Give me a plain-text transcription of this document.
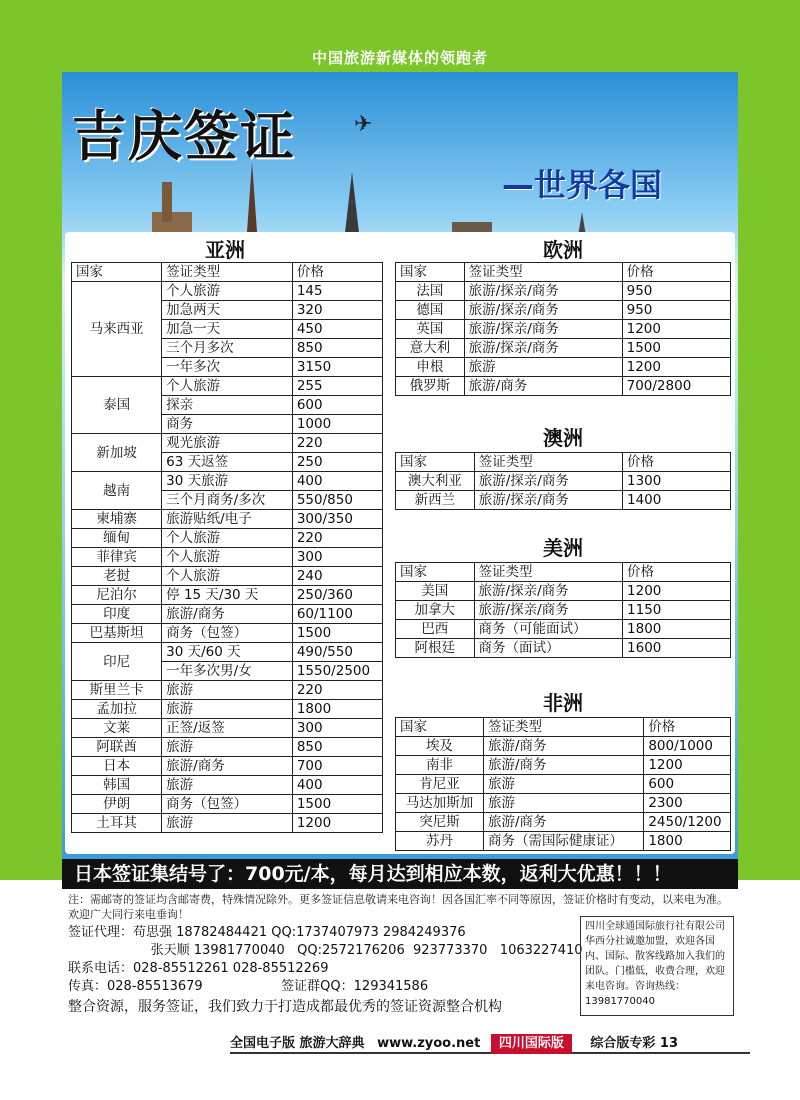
中国旅游新媒体的领跑者
吉庆签证	✈
—世界各国
亚洲
国家	签证类型	价格
马来西亚	个人旅游	145
	加急两天	320
	加急一天	450
	三个月多次	850
	一年多次	3150
泰国	个人旅游	255
	探亲	600
	商务	1000
新加坡	观光旅游	220
	63 天返签	250
越南	30 天旅游	400
	三个月商务/多次	550/850
柬埔寨	旅游贴纸/电子	300/350
缅甸	个人旅游	220
菲律宾	个人旅游	300
老挝	个人旅游	240
尼泊尔	停 15 天/30 天	250/360
印度	旅游/商务	60/1100
巴基斯坦	商务（包签）	1500
印尼	30 天/60 天	490/550
	一年多次男/女	1550/2500
斯里兰卡	旅游	220
孟加拉	旅游	1800
文莱	正签/返签	300
阿联酋	旅游	850
日本	旅游/商务	700
韩国	旅游	400
伊朗	商务（包签）	1500
土耳其	旅游	1200
欧洲
国家	签证类型	价格
法国	旅游/探亲/商务	950
德国	旅游/探亲/商务	950
英国	旅游/探亲/商务	1200
意大利	旅游/探亲/商务	1500
申根	旅游	1200
俄罗斯	旅游/商务	700/2800
澳洲
国家	签证类型	价格
澳大利亚	旅游/探亲/商务	1300
新西兰	旅游/探亲/商务	1400
美洲
国家	签证类型	价格
美国	旅游/探亲/商务	1200
加拿大	旅游/探亲/商务	1150
巴西	商务（可能面试）	1800
阿根廷	商务（面试）	1600
非洲
国家	签证类型	价格
埃及	旅游/商务	800/1000
南非	旅游/商务	1200
肯尼亚	旅游	600
马达加斯加	旅游	2300
突尼斯	旅游/商务	2450/1200
苏丹	商务（需国际健康证）	1800
日本签证集结号了：700元/本，每月达到相应本数，返利大优惠！！！
注：需邮寄的签证均含邮寄费，特殊情况除外。更多签证信息敬请来电咨询！因各国汇率不同等原因，签证价格时有变动，以来电为准。欢迎广大同行来电垂询！
签证代理：苟思强 18782484421 QQ:1737407973 2984249376
张天顺 13981770040   QQ:2572176206  923773370   1063227410
联系电话：028-85512261 028-85512269
传真：028-85513679                   签证群QQ：129341586
整合资源，服务签证，我们致力于打造成都最优秀的签证资源整合机构
四川全球通国际旅行社有限公司华西分社诚邀加盟，欢迎各国内、国际、散客线路加入我们的团队。门槛低，收费合理，欢迎来电咨询。咨询热线：13981770040
全国电子版 旅游大辞典 www.zyoo.net 四川国际版 综合版专彩 13
